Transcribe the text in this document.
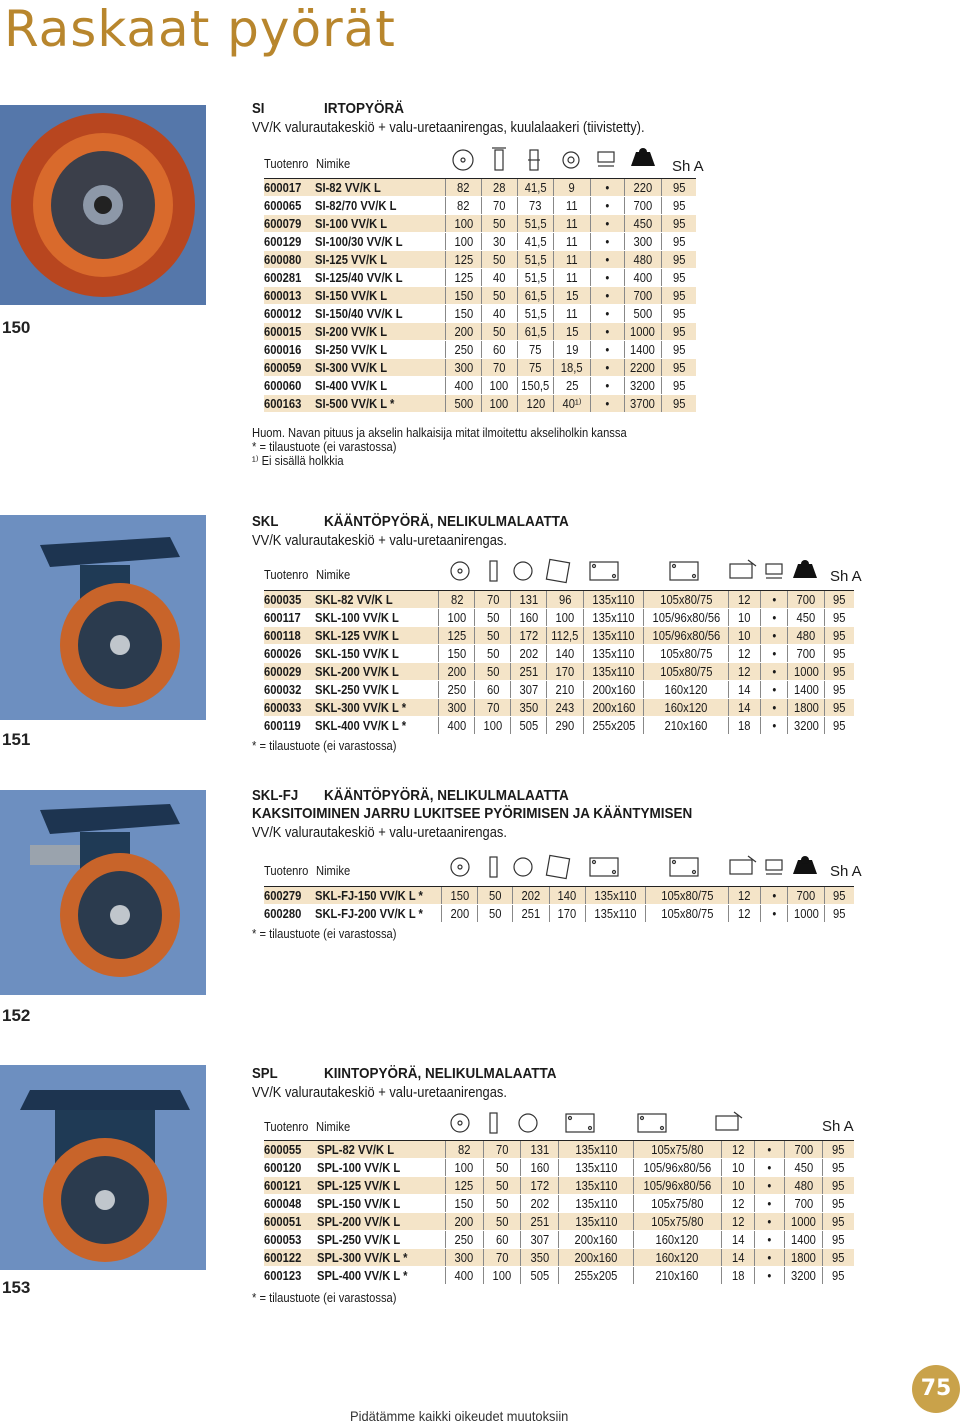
Raskaat pyörät
150
151
152
153
SI	IRTOPYÖRÄ
VV/K valurautakeskiö + valu-uretaanirengas, kuulalaakeri (tiivistetty).
Tuotenro Nimike	Sh A
600017	SI-82 VV/K L	82	28	41,5	9	•	220	95
600065	SI-82/70 VV/K L	82	70	73	11	•	700	95
600079	SI-100 VV/K L	100	50	51,5	11	•	450	95
600129	SI-100/30 VV/K L	100	30	41,5	11	•	300	95
600080	SI-125 VV/K L	125	50	51,5	11	•	480	95
600281	SI-125/40 VV/K L	125	40	51,5	11	•	400	95
600013	SI-150 VV/K L	150	50	61,5	15	•	700	95
600012	SI-150/40 VV/K L	150	40	51,5	11	•	500	95
600015	SI-200 VV/K L	200	50	61,5	15	•	1000	95
600016	SI-250 VV/K L	250	60	75	19	•	1400	95
600059	SI-300 VV/K L	300	70	75	18,5	•	2200	95
600060	SI-400 VV/K L	400	100	150,5	25	•	3200	95
600163	SI-500 VV/K L *	500	100	120	40¹⁾	•	3700	95
Huom. Navan pituus ja akselin halkaisija mitat ilmoitettu akseliholkin kanssa
* = tilaustuote (ei varastossa)
¹⁾ Ei sisällä holkkia
SKL	KÄÄNTÖPYÖRÄ, NELIKULMALAATTA
VV/K valurautakeskiö + valu-uretaanirengas.
Tuotenro Nimike	Sh A
600035	SKL-82 VV/K L	82	70	131	96	135x110	105x80/75	12	•	700	95
600117	SKL-100 VV/K L	100	50	160	100	135x110	105/96x80/56	10	•	450	95
600118	SKL-125 VV/K L	125	50	172	112,5	135x110	105/96x80/56	10	•	480	95
600026	SKL-150 VV/K L	150	50	202	140	135x110	105x80/75	12	•	700	95
600029	SKL-200 VV/K L	200	50	251	170	135x110	105x80/75	12	•	1000	95
600032	SKL-250 VV/K L	250	60	307	210	200x160	160x120	14	•	1400	95
600033	SKL-300 VV/K L *	300	70	350	243	200x160	160x120	14	•	1800	95
600119	SKL-400 VV/K L *	400	100	505	290	255x205	210x160	18	•	3200	95
* = tilaustuote (ei varastossa)
SKL-FJ KÄÄNTÖPYÖRÄ, NELIKULMALAATTA
KAKSITOIMINEN JARRU LUKITSEE PYÖRIMISEN JA KÄÄNTYMISEN
VV/K valurautakeskiö + valu-uretaanirengas.
Tuotenro Nimike	Sh A
600279	SKL-FJ-150 VV/K L *	150	50	202	140	135x110	105x80/75	12	•	700	95
600280	SKL-FJ-200 VV/K L *	200	50	251	170	135x110	105x80/75	12	•	1000	95
* = tilaustuote (ei varastossa)
SPL	KIINTOPYÖRÄ, NELIKULMALAATTA
VV/K valurautakeskiö + valu-uretaanirengas.
Tuotenro Nimike	Sh A
600055	SPL-82 VV/K L	82	70	131	135x110	105x75/80	12	•	700	95
600120	SPL-100 VV/K L	100	50	160	135x110	105/96x80/56	10	•	450	95
600121	SPL-125 VV/K L	125	50	172	135x110	105/96x80/56	10	•	480	95
600048	SPL-150 VV/K L	150	50	202	135x110	105x75/80	12	•	700	95
600051	SPL-200 VV/K L	200	50	251	135x110	105x75/80	12	•	1000	95
600053	SPL-250 VV/K L	250	60	307	200x160	160x120	14	•	1400	95
600122	SPL-300 VV/K L *	300	70	350	200x160	160x120	14	•	1800	95
600123	SPL-400 VV/K L *	400	100	505	255x205	210x160	18	•	3200	95
* = tilaustuote (ei varastossa)
Pidätämme kaikki oikeudet muutoksiin
75
